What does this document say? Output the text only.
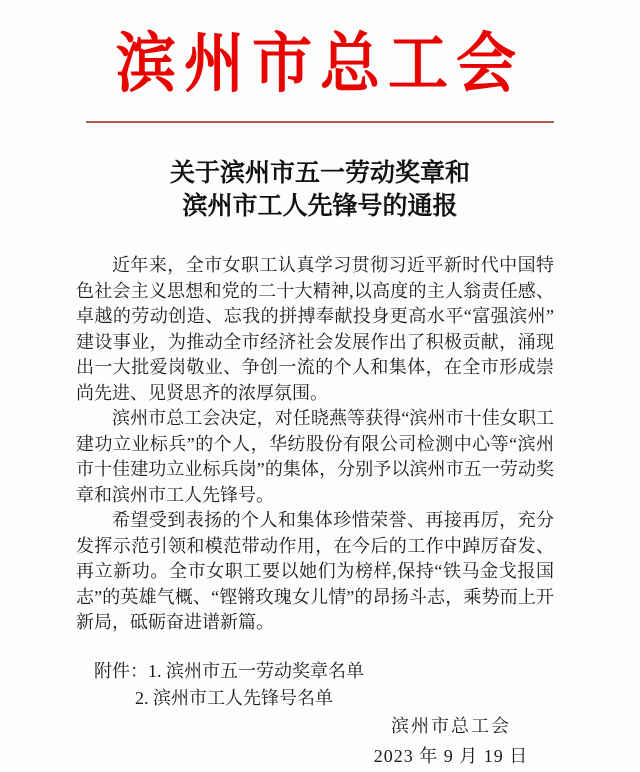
滨州市总工会
关于滨州市五一劳动奖章和
滨州市工人先锋号的通报

近年来，全市女职工认真学习贯彻习近平新时代中国特色社会主义思想和党的二十大精神,以高度的主人翁责任感、卓越的劳动创造、忘我的拼搏奉献投身更高水平“富强滨州”建设事业，为推动全市经济社会发展作出了积极贡献，涌现出一大批爱岗敬业、争创一流的个人和集体，在全市形成崇尚先进、见贤思齐的浓厚氛围。

滨州市总工会决定，对任晓燕等获得“滨州市十佳女职工建功立业标兵”的个人，华纺股份有限公司检测中心等“滨州市十佳建功立业标兵岗”的集体，分别予以滨州市五一劳动奖章和滨州市工人先锋号。

希望受到表扬的个人和集体珍惜荣誉、再接再厉，充分发挥示范引领和模范带动作用，在今后的工作中踔厉奋发、再立新功。全市女职工要以她们为榜样,保持“铁马金戈报国志”的英雄气概、“铿锵玫瑰女儿情”的昂扬斗志，乘势而上开新局，砥砺奋进谱新篇。

附件：1. 滨州市五一劳动奖章名单
2. 滨州市工人先锋号名单
滨州市总工会
2023 年 9 月 19 日
